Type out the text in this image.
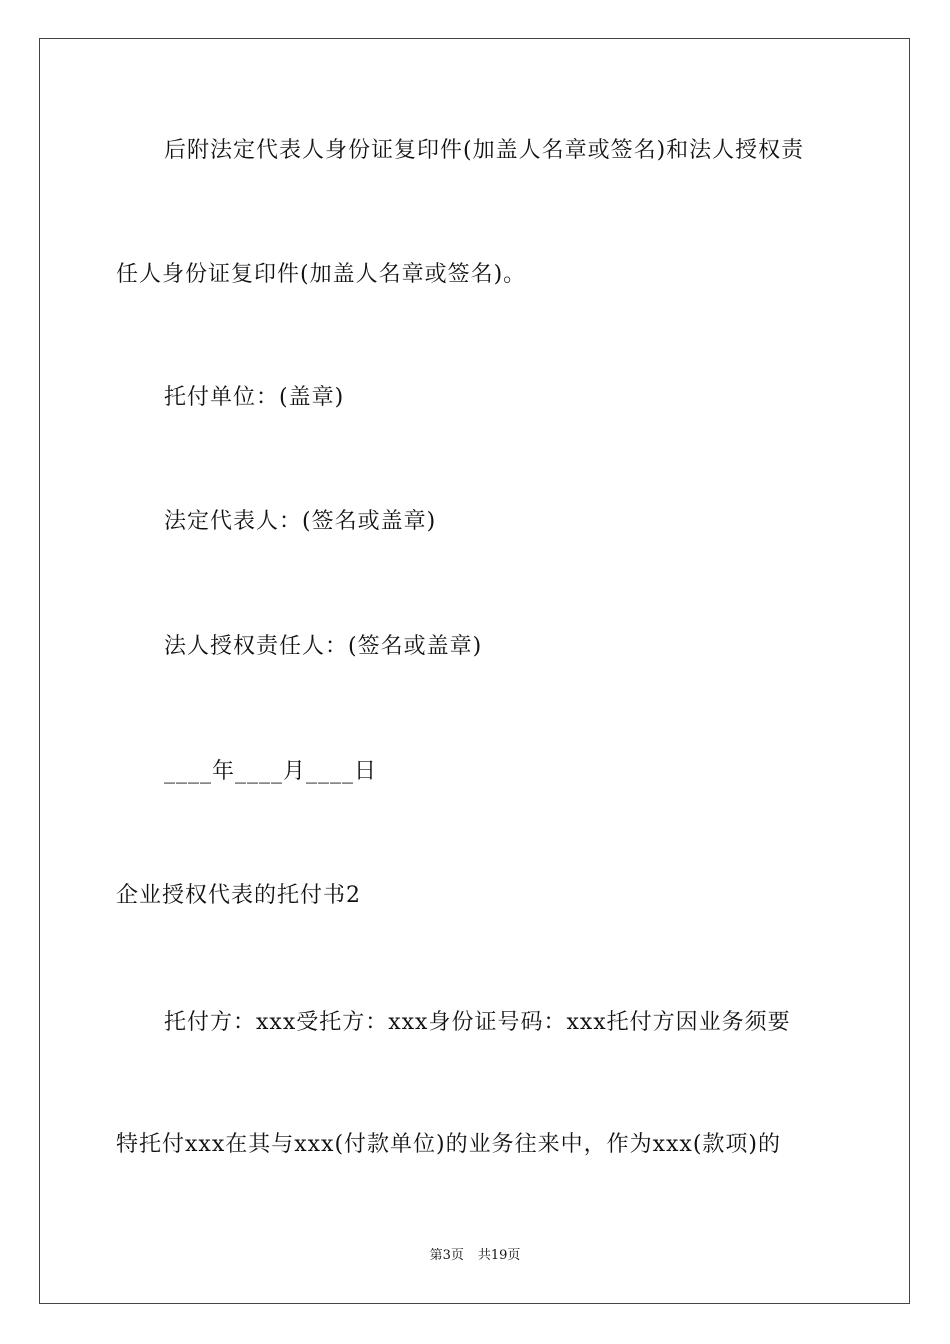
后附法定代表人身份证复印件(加盖人名章或签名)和法人授权责
任人身份证复印件(加盖人名章或签名)。
托付单位：(盖章)
法定代表人：(签名或盖章)
法人授权责任人：(签名或盖章)
____年____月____日
企业授权代表的托付书2
托付方：xxx受托方：xxx身份证号码：xxx托付方因业务须要
特托付xxx在其与xxx(付款单位)的业务往来中，作为xxx(款项)的
第3页 共19页
